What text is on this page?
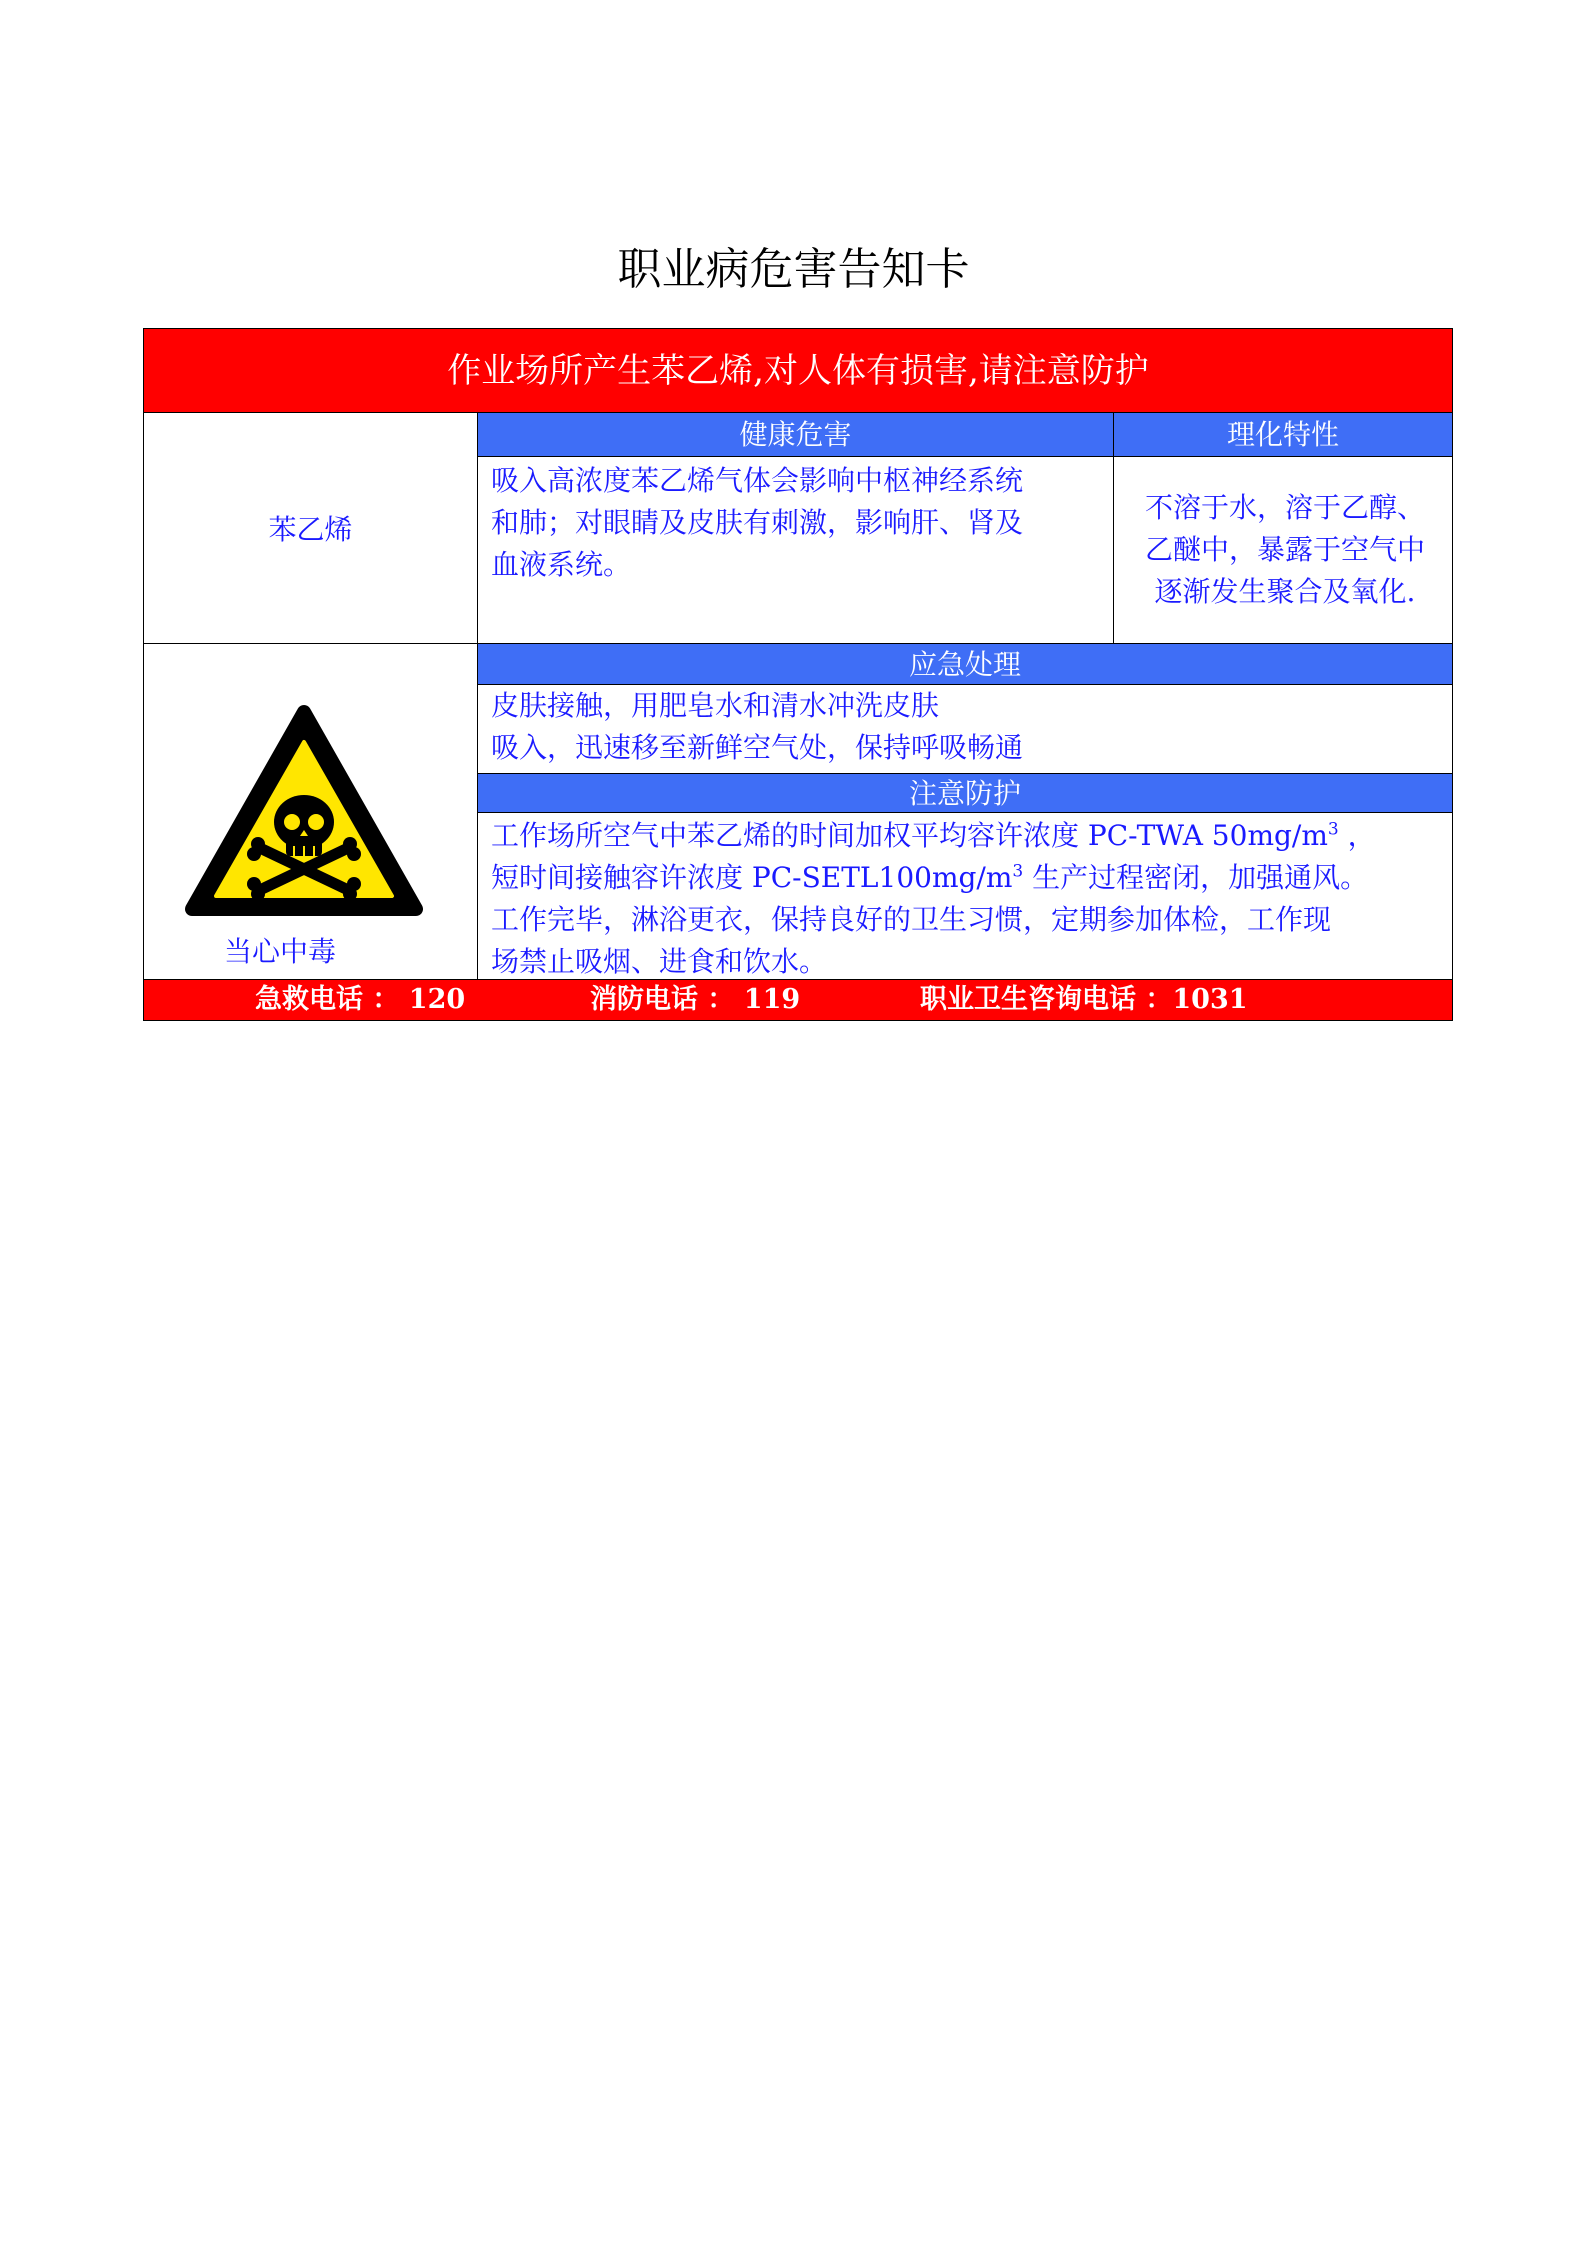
职业病危害告知卡
作业场所产生苯乙烯,对人体有损害,请注意防护
苯乙烯
健康危害
吸入高浓度苯乙烯气体会影响中枢神经系统
和肺；对眼睛及皮肤有刺激，影响肝、肾及
血液系统。
理化特性
不溶于水，溶于乙醇、
乙醚中，暴露于空气中
逐渐发生聚合及氧化.
当心中毒
应急处理
皮肤接触，用肥皂水和清水冲洗皮肤
吸入，迅速移至新鲜空气处，保持呼吸畅通
注意防护
工作场所空气中苯乙烯的时间加权平均容许浓度 PC-TWA $50mg/m^3$ ，
短时间接触容许浓度 $PC-SETL100mg/m^3$ 生产过程密闭，加强通风。
工作完毕，淋浴更衣，保持良好的卫生习惯，定期参加体检，工作现
场禁止吸烟、进食和饮水。
急救电话 ： 120	消防电话 ： 119	职业卫生咨询电话 ：1031
